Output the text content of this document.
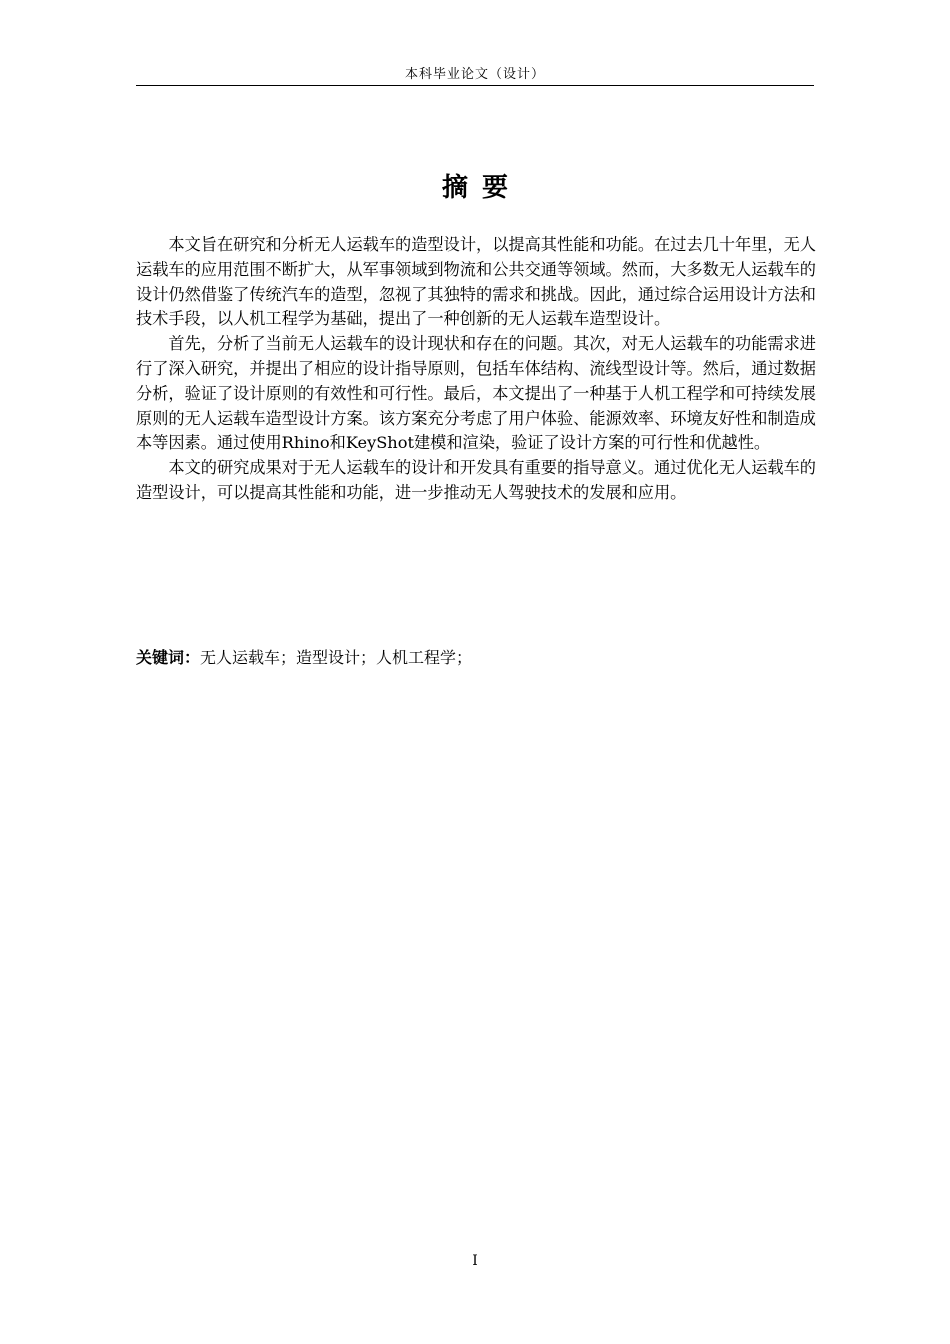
本科毕业论文（设计）
摘要

本文旨在研究和分析无人运载车的造型设计，以提高其性能和功能。在过去几十年里，无人运载车的应用范围不断扩大，从军事领域到物流和公共交通等领域。然而，大多数无人运载车的设计仍然借鉴了传统汽车的造型，忽视了其独特的需求和挑战。因此，通过综合运用设计方法和技术手段，以人机工程学为基础，提出了一种创新的无人运载车造型设计。

首先，分析了当前无人运载车的设计现状和存在的问题。其次，对无人运载车的功能需求进行了深入研究，并提出了相应的设计指导原则，包括车体结构、流线型设计等。然后，通过数据分析，验证了设计原则的有效性和可行性。最后，本文提出了一种基于人机工程学和可持续发展原则的无人运载车造型设计方案。该方案充分考虑了用户体验、能源效率、环境友好性和制造成本等因素。通过使用Rhino和KeyShot建模和渲染，验证了设计方案的可行性和优越性。

本文的研究成果对于无人运载车的设计和开发具有重要的指导意义。通过优化无人运载车的造型设计，可以提高其性能和功能，进一步推动无人驾驶技术的发展和应用。

关键词：无人运载车；造型设计；人机工程学；
I
